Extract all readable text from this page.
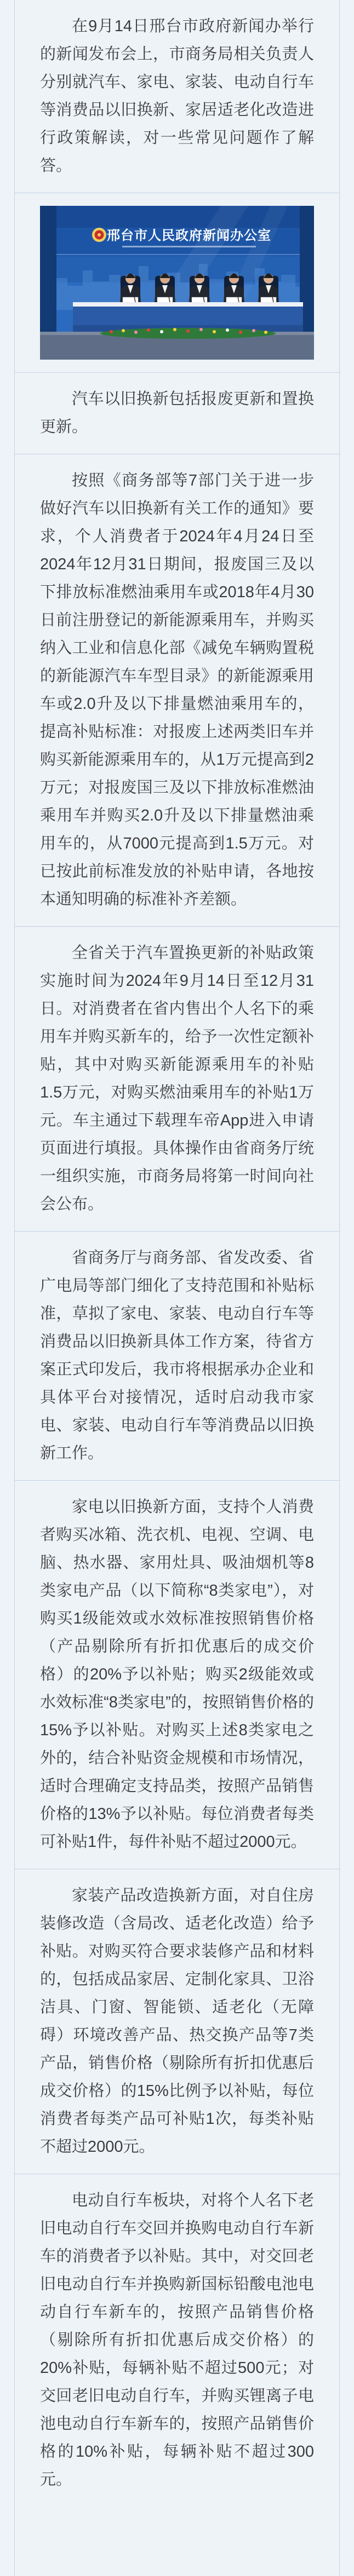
在9月14日邢台市政府新闻办举行的新闻发布会上，市商务局相关负责人分别就汽车、家电、家装、电动自行车等消费品以旧换新、家居适老化改造进行政策解读，对一些常见问题作了解答。

邢台市人民政府新闻办公室

汽车以旧换新包括报废更新和置换更新。

按照《商务部等7部门关于进一步做好汽车以旧换新有关工作的通知》要求，个人消费者于2024年4月24日至2024年12月31日期间，报废国三及以下排放标准燃油乘用车或2018年4月30日前注册登记的新能源乘用车，并购买纳入工业和信息化部《减免车辆购置税的新能源汽车车型目录》的新能源乘用车或2.0升及以下排量燃油乘用车的，提高补贴标准：对报废上述两类旧车并购买新能源乘用车的，从1万元提高到2万元；对报废国三及以下排放标准燃油乘用车并购买2.0升及以下排量燃油乘用车的，从7000元提高到1.5万元。对已按此前标准发放的补贴申请，各地按本通知明确的标准补齐差额。

全省关于汽车置换更新的补贴政策实施时间为2024年9月14日至12月31日。对消费者在省内售出个人名下的乘用车并购买新车的，给予一次性定额补贴，其中对购买新能源乘用车的补贴1.5万元，对购买燃油乘用车的补贴1万元。车主通过下载理车帝App进入申请页面进行填报。具体操作由省商务厅统一组织实施，市商务局将第一时间向社会公布。

省商务厅与商务部、省发改委、省广电局等部门细化了支持范围和补贴标准，草拟了家电、家装、电动自行车等消费品以旧换新具体工作方案，待省方案正式印发后，我市将根据承办企业和具体平台对接情况，适时启动我市家电、家装、电动自行车等消费品以旧换新工作。

家电以旧换新方面，支持个人消费者购买冰箱、洗衣机、电视、空调、电脑、热水器、家用灶具、吸油烟机等8类家电产品（以下简称“8类家电”），对购买1级能效或水效标准按照销售价格（产品剔除所有折扣优惠后的成交价格）的20%予以补贴；购买2级能效或水效标准“8类家电”的，按照销售价格的15%予以补贴。对购买上述8类家电之外的，结合补贴资金规模和市场情况，适时合理确定支持品类，按照产品销售价格的13%予以补贴。每位消费者每类可补贴1件，每件补贴不超过2000元。

家装产品改造换新方面，对自住房装修改造（含局改、适老化改造）给予补贴。对购买符合要求装修产品和材料的，包括成品家居、定制化家具、卫浴洁具、门窗、智能锁、适老化（无障碍）环境改善产品、热交换产品等7类产品，销售价格（剔除所有折扣优惠后成交价格）的15%比例予以补贴，每位消费者每类产品可补贴1次，每类补贴不超过2000元。

电动自行车板块，对将个人名下老旧电动自行车交回并换购电动自行车新车的消费者予以补贴。其中，对交回老旧电动自行车并换购新国标铅酸电池电动自行车新车的，按照产品销售价格（剔除所有折扣优惠后成交价格）的20%补贴，每辆补贴不超过500元；对交回老旧电动自行车，并购买锂离子电池电动自行车新车的，按照产品销售价格的10%补贴，每辆补贴不超过300元。
